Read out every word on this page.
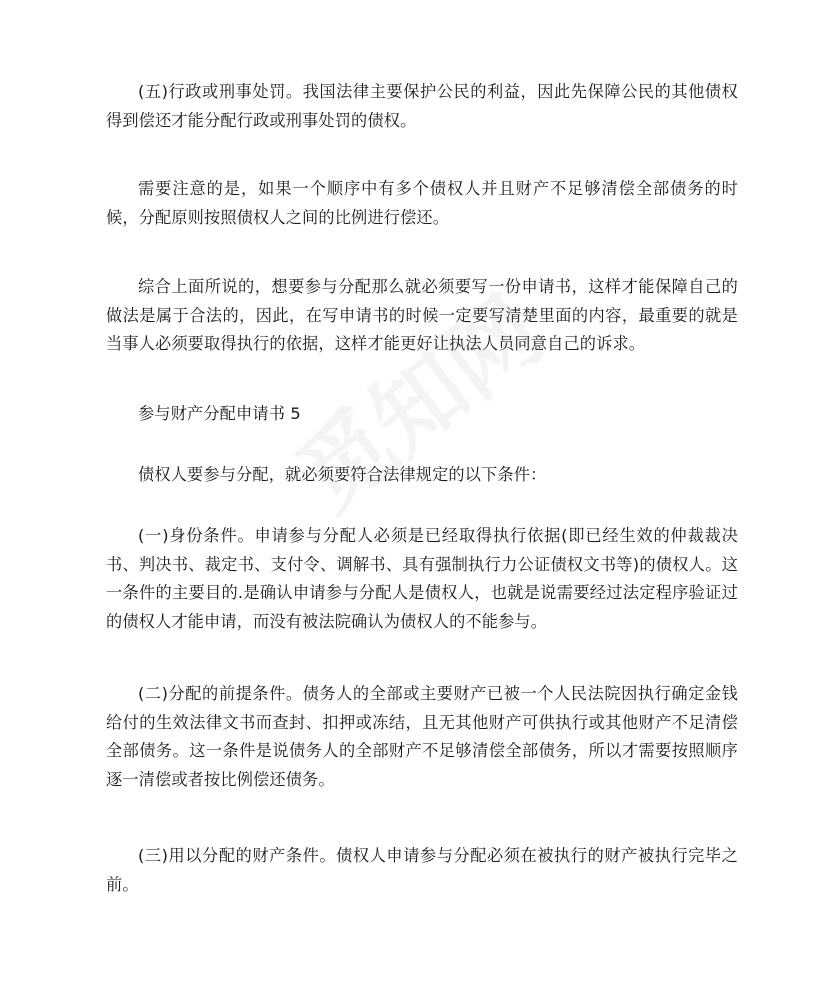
(五)行政或刑事处罚。我国法律主要保护公民的利益，因此先保障公民的其他债权得到偿还才能分配行政或刑事处罚的债权。

需要注意的是，如果一个顺序中有多个债权人并且财产不足够清偿全部债务的时候，分配原则按照债权人之间的比例进行偿还。

综合上面所说的，想要参与分配那么就必须要写一份申请书，这样才能保障自己的做法是属于合法的，因此，在写申请书的时候一定要写清楚里面的内容，最重要的就是当事人必须要取得执行的依据，这样才能更好让执法人员同意自己的诉求。

参与财产分配申请书 5

债权人要参与分配，就必须要符合法律规定的以下条件：

(一)身份条件。申请参与分配人必须是已经取得执行依据(即已经生效的仲裁裁决书、判决书、裁定书、支付令、调解书、具有强制执行力公证债权文书等)的债权人。这一条件的主要目的.是确认申请参与分配人是债权人，也就是说需要经过法定程序验证过的债权人才能申请，而没有被法院确认为债权人的不能参与。

(二)分配的前提条件。债务人的全部或主要财产已被一个人民法院因执行确定金钱给付的生效法律文书而查封、扣押或冻结，且无其他财产可供执行或其他财产不足清偿全部债务。这一条件是说债务人的全部财产不足够清偿全部债务，所以才需要按照顺序逐一清偿或者按比例偿还债务。

(三)用以分配的财产条件。债权人申请参与分配必须在被执行的财产被执行完毕之前。
